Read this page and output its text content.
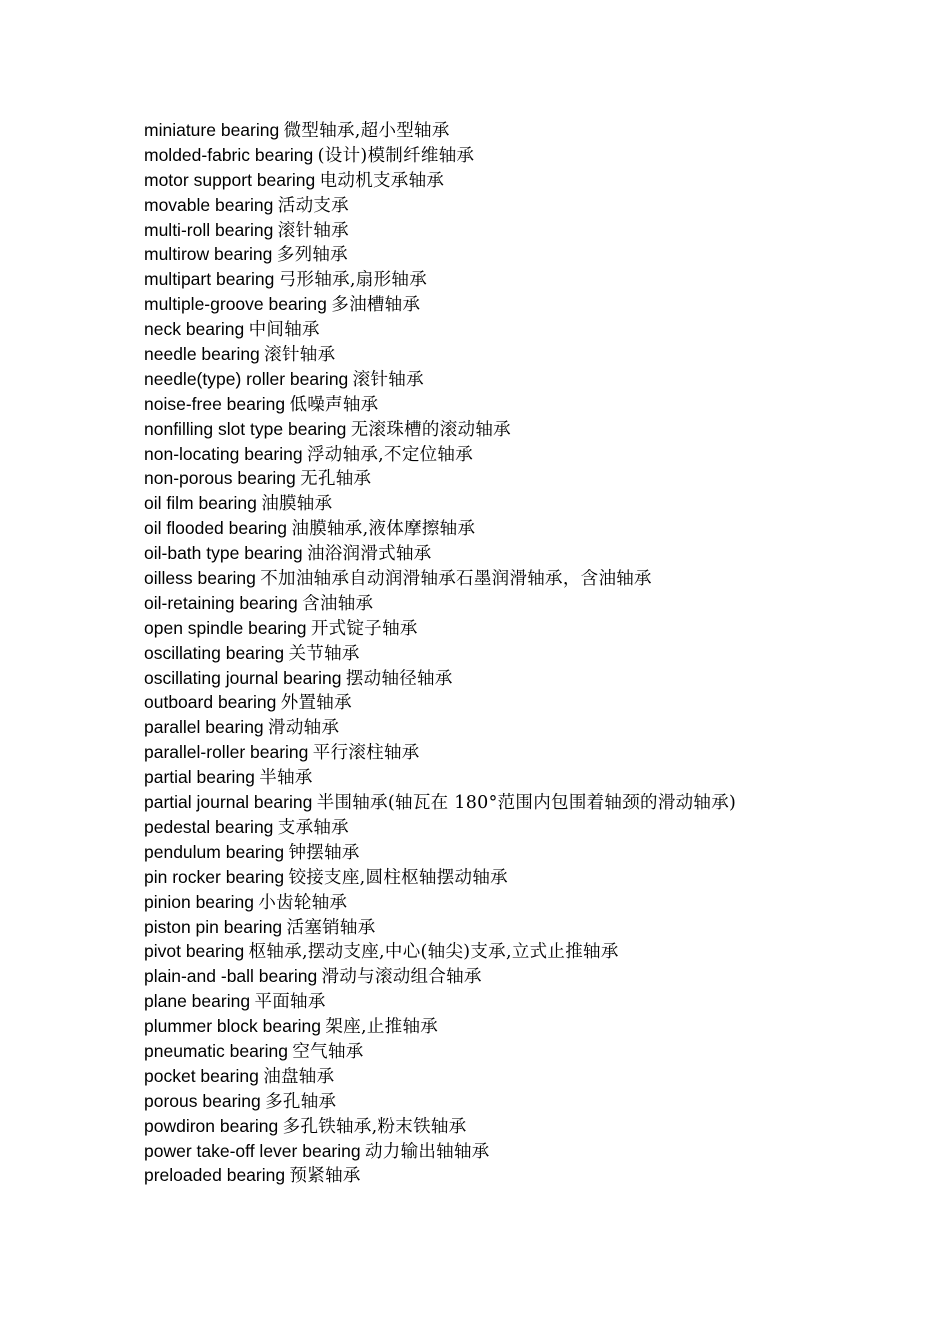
miniature bearing 微型轴承,超小型轴承
molded-fabric bearing (设计)模制纤维轴承
motor support bearing 电动机支承轴承
movable bearing 活动支承
multi-roll bearing 滚针轴承
multirow bearing 多列轴承
multipart bearing 弓形轴承,扇形轴承
multiple-groove bearing 多油槽轴承
neck bearing 中间轴承
needle bearing 滚针轴承
needle(type) roller bearing 滚针轴承
noise-free bearing 低噪声轴承
nonfilling slot type bearing 无滚珠槽的滚动轴承
non-locating bearing 浮动轴承,不定位轴承
non-porous bearing 无孔轴承
oil film bearing 油膜轴承
oil flooded bearing 油膜轴承,液体摩擦轴承
oil-bath type bearing 油浴润滑式轴承
oilless bearing 不加油轴承自动润滑轴承石墨润滑轴承，含油轴承
oil-retaining bearing 含油轴承
open spindle bearing 开式锭子轴承
oscillating bearing 关节轴承
oscillating journal bearing 摆动轴径轴承
outboard bearing 外置轴承
parallel bearing 滑动轴承
parallel-roller bearing 平行滚柱轴承
partial bearing 半轴承
partial journal bearing 半围轴承(轴瓦在 180°范围内包围着轴颈的滑动轴承)
pedestal bearing 支承轴承
pendulum bearing 钟摆轴承
pin rocker bearing 铰接支座,圆柱枢轴摆动轴承
pinion bearing 小齿轮轴承
piston pin bearing 活塞销轴承
pivot bearing 枢轴承,摆动支座,中心(轴尖)支承,立式止推轴承
plain-and -ball bearing 滑动与滚动组合轴承
plane bearing 平面轴承
plummer block bearing 架座,止推轴承
pneumatic bearing 空气轴承
pocket bearing 油盘轴承
porous bearing 多孔轴承
powdiron bearing 多孔铁轴承,粉末铁轴承
power take-off lever bearing 动力输出轴轴承
preloaded bearing 预紧轴承
